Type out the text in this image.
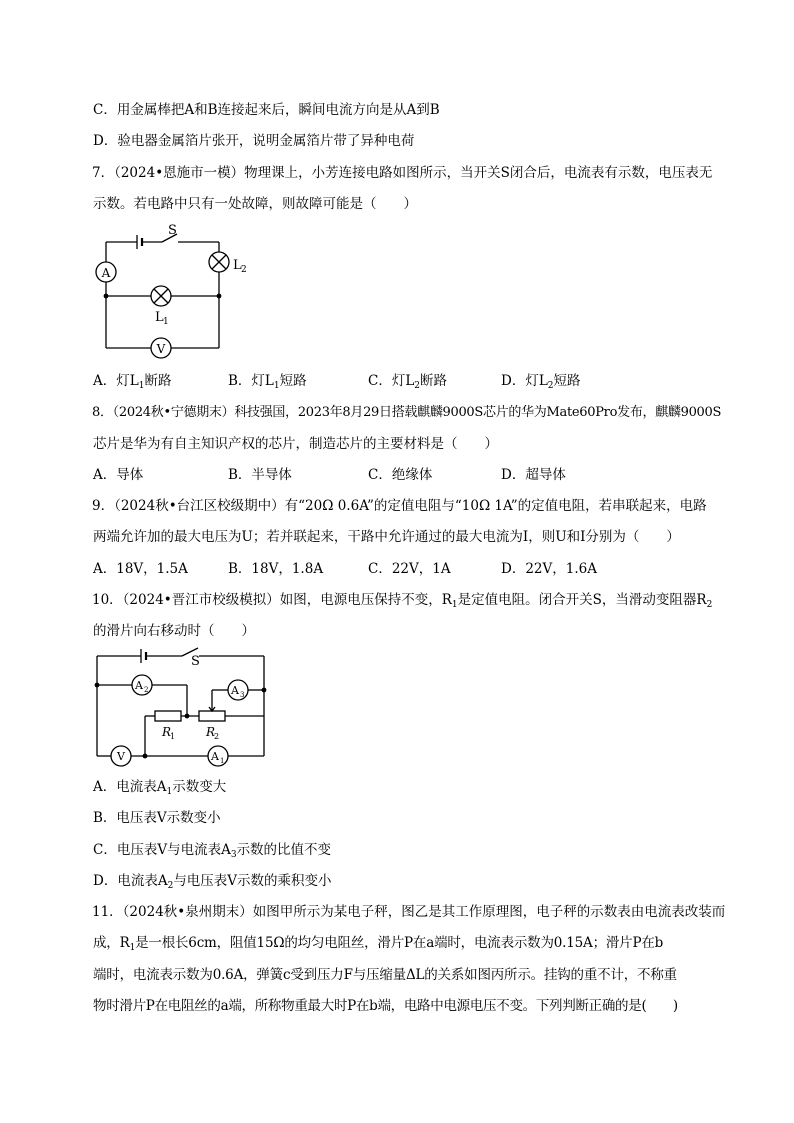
C．用金属棒把A和B连接起来后，瞬间电流方向是从A到B
D．验电器金属箔片张开，说明金属箔片带了异种电荷
7．（2024•恩施市一模）物理课上，小芳连接电路如图所示，当开关S闭合后，电流表有示数，电压表无
示数。若电路中只有一处故障，则故障可能是（　　）
S
A
V
L 2
L 1
A．灯$L_1$断路	B．灯$L_1$短路	C．灯$L_2$断路	D．灯$L_2$短路
8．（2024秋•宁德期末）科技强国，2023年8月29日搭载麒麟9000S芯片的华为Mate60Pro发布，麒麟9000S
芯片是华为有自主知识产权的芯片，制造芯片的主要材料是（　　）
A．导体	B．半导体	C．绝缘体	D．超导体
9．（2024秋•台江区校级期中）有“20Ω 0.6A”的定值电阻与“10Ω 1A”的定值电阻，若串联起来，电路
两端允许加的最大电压为U；若并联起来，干路中允许通过的最大电流为I，则U和I分别为（　　）
A．18V，1.5A	B．18V，1.8A	C．22V，1A	D．22V，1.6A
10．（2024•晋江市校级模拟）如图，电源电压保持不变，$R_1$是定值电阻。闭合开关S，当滑动变阻器$R_2$
的滑片向右移动时（　　）
S
A 2	A 3
V	A 1
R
1	R
2
A．电流表$A_1$示数变大
B．电压表V示数变小
C．电压表V与电流表$A_3$示数的比值不变
D．电流表$A_2$与电压表V示数的乘积变小
11．（2024秋•泉州期末）如图甲所示为某电子秤，图乙是其工作原理图，电子秤的示数表由电流表改装而
成，$R_1$是一根长6cm，阻值15Ω的均匀电阻丝，滑片P在a端时，电流表示数为0.15A；滑片P在b
端时，电流表示数为0.6A，弹簧c受到压力F与压缩量ΔL的关系如图丙所示。挂钩的重不计，不称重
物时滑片P在电阻丝的a端，所称物重最大时P在b端，电路中电源电压不变。下列判断正确的是(　　)
